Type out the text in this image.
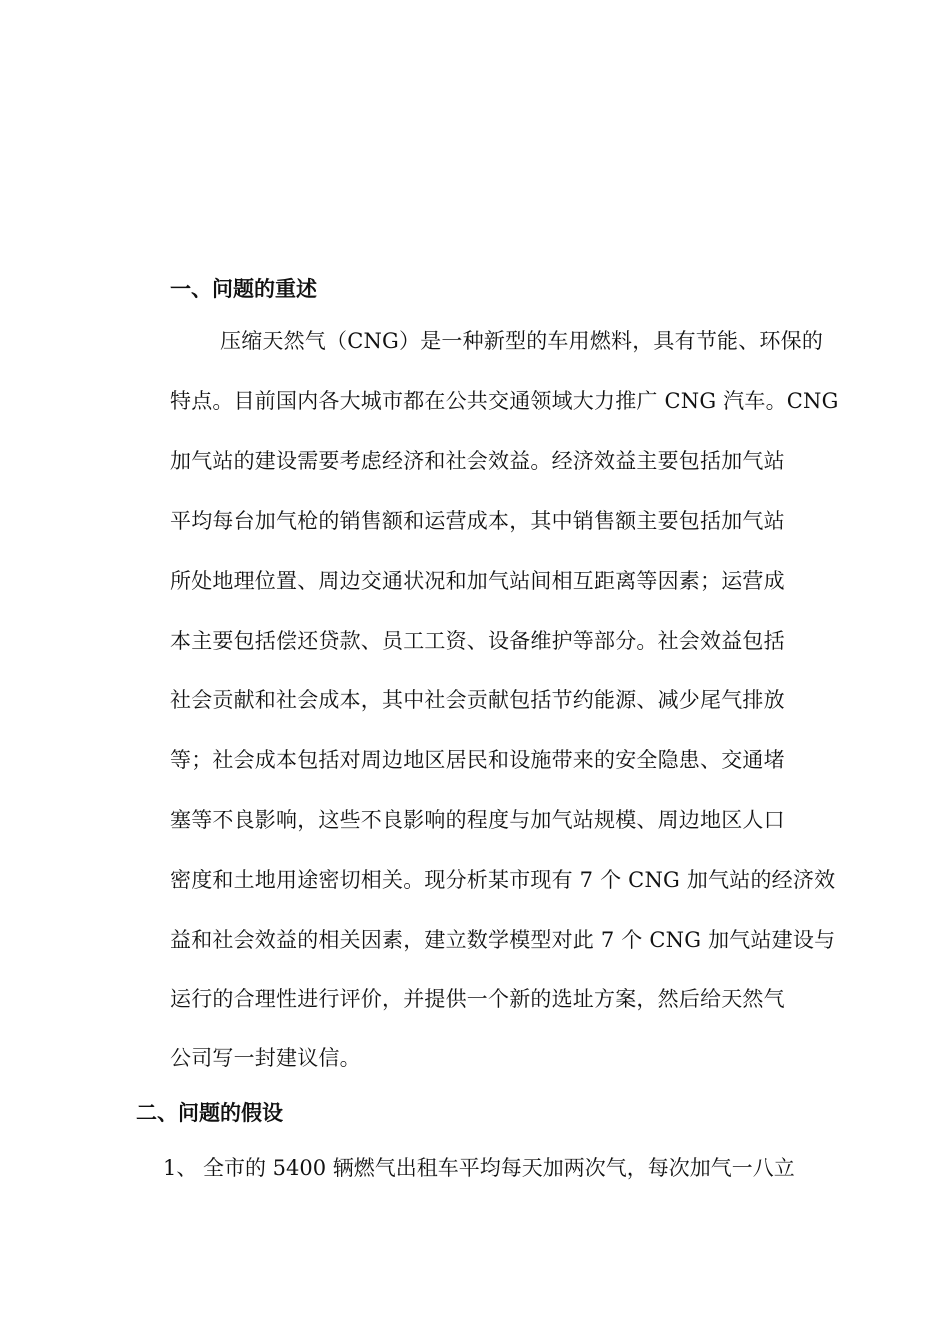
一、问题的重述
压缩天然气（CNG）是一种新型的车用燃料，具有节能、环保的
特点。目前国内各大城市都在公共交通领域大力推广 CNG 汽车。CNG
加气站的建设需要考虑经济和社会效益。经济效益主要包括加气站
平均每台加气枪的销售额和运营成本，其中销售额主要包括加气站
所处地理位置、周边交通状况和加气站间相互距离等因素；运营成
本主要包括偿还贷款、员工工资、设备维护等部分。社会效益包括
社会贡献和社会成本，其中社会贡献包括节约能源、减少尾气排放
等；社会成本包括对周边地区居民和设施带来的安全隐患、交通堵
塞等不良影响，这些不良影响的程度与加气站规模、周边地区人口
密度和土地用途密切相关。现分析某市现有 7 个 CNG 加气站的经济效
益和社会效益的相关因素，建立数学模型对此 7 个 CNG 加气站建设与
运行的合理性进行评价，并提供一个新的选址方案，然后给天然气
公司写一封建议信。
二、问题的假设
1、 全市的 5400 辆燃气出租车平均每天加两次气，每次加气一八立
